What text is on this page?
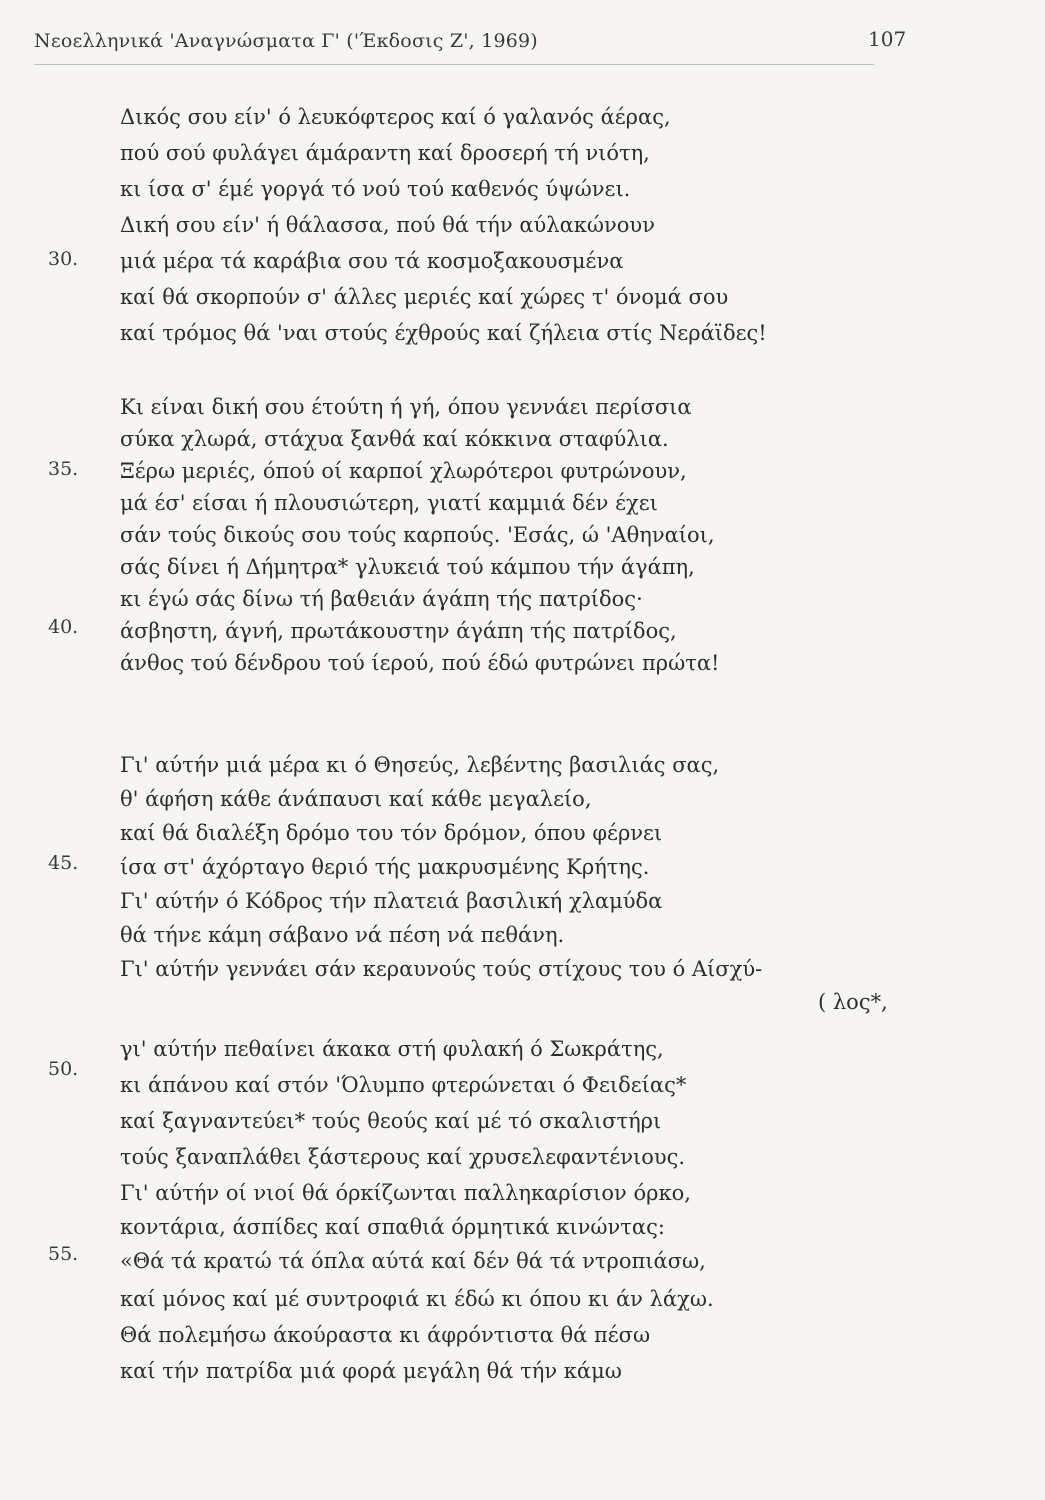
Νεοελληνικά 'Αναγνώσματα Γ' ('Έκδοσις Ζ', 1969)	107
30.
35.
40.
45.
50.
55.
Δικός σου είν' ό λευκόφτερος καί ό γαλανός άέρας,
πού σού φυλάγει άμάραντη καί δροσερή τή νιότη,
κι ίσα σ' έμέ γοργά τό νού τού καθενός ύψώνει.
Δική σου είν' ή θάλασσα, πού θά τήν αύλακώνουν
μιά μέρα τά καράβια σου τά κοσμοξακουσμένα
καί θά σκορπούν σ' άλλες μεριές καί χώρες τ' όνομά σου
καί τρόμος θά 'ναι στούς έχθρούς καί ζήλεια στίς Νεράϊδες!
Κι είναι δική σου έτούτη ή γή, όπου γεννάει περίσσια
σύκα χλωρά, στάχυα ξανθά καί κόκκινα σταφύλια.
Ξέρω μεριές, όπού οί καρποί χλωρότεροι φυτρώνουν,
μά έσ' είσαι ή πλουσιώτερη, γιατί καμμιά δέν έχει
σάν τούς δικούς σου τούς καρπούς. 'Εσάς, ώ 'Αθηναίοι,
σάς δίνει ή Δήμητρα* γλυκειά τού κάμπου τήν άγάπη,
κι έγώ σάς δίνω τή βαθειάν άγάπη τής πατρίδος·
άσβηστη, άγνή, πρωτάκουστην άγάπη τής πατρίδος,
άνθος τού δένδρου τού ίερού, πού έδώ φυτρώνει πρώτα!
Γι' αύτήν μιά μέρα κι ό Θησεύς, λεβέντης βασιλιάς σας,
θ' άφήση κάθε άνάπαυσι καί κάθε μεγαλείο,
καί θά διαλέξη δρόμο του τόν δρόμον, όπου φέρνει
ίσα στ' άχόρταγο θεριό τής μακρυσμένης Κρήτης.
Γι' αύτήν ό Κόδρος τήν πλατειά βασιλική χλαμύδα
θά τήνε κάμη σάβανο νά πέση νά πεθάνη.
Γι' αύτήν γεννάει σάν κεραυνούς τούς στίχους του ό Αίσχύ-
( λος*,
γι' αύτήν πεθαίνει άκακα στή φυλακή ό Σωκράτης,
κι άπάνου καί στόν 'Όλυμπο φτερώνεται ό Φειδείας*
καί ξαγναντεύει* τούς θεούς καί μέ τό σκαλιστήρι
τούς ξαναπλάθει ξάστερους καί χρυσελεφαντένιους.
Γι' αύτήν οί νιοί θά όρκίζωνται παλληκαρίσιον όρκο,
κοντάρια, άσπίδες καί σπαθιά όρμητικά κινώντας:
«Θά τά κρατώ τά όπλα αύτά καί δέν θά τά ντροπιάσω,
καί μόνος καί μέ συντροφιά κι έδώ κι όπου κι άν λάχω.
Θά πολεμήσω άκούραστα κι άφρόντιστα θά πέσω
καί τήν πατρίδα μιά φορά μεγάλη θά τήν κάμω
